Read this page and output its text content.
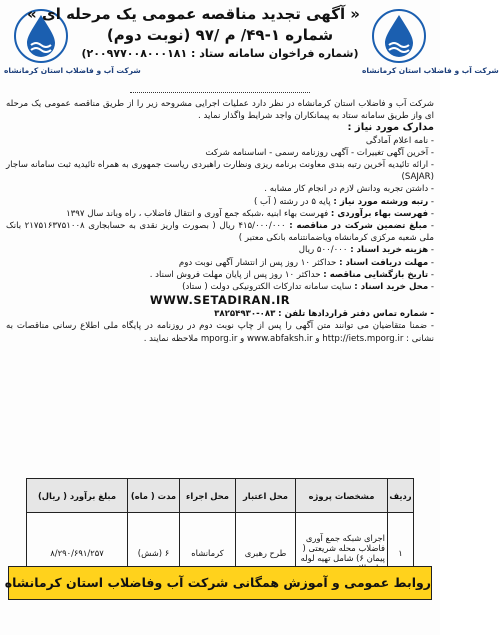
شرکت آب و فاضلاب استان کرمانشاه	شرکت آب و فاضلاب استان کرمانشاه
« آگهی تجدید مناقصه عمومی یک مرحله ای »
شماره ۱-۴۹/ م /۹۷ (نوبت دوم)
(شماره فراخوان سامانه ستاد : ۲۰۰۹۷۷۰۰۸۰۰۰۱۸۱)

شرکت آب و فاضلاب استان کرمانشاه در نظر دارد عملیات اجرایی مشروحه زیر را از طریق مناقصه عمومی یک مرحله ای واز طریق سامانه ستاد به پیمانکاران واجد شرایط واگذار نماید .

مدارک مورد نیاز :

- نامه اعلام آمادگی

- آخرین آگهی تغییرات - آگهی روزنامه رسمی - اساسنامه شرکت

- ارائه تائیدیه آخرین رتبه بندی معاونت برنامه ریزی ونظارت راهبردی ریاست جمهوری به همراه تائیدیه ثبت سامانه ساجار (SAJAR)

- داشتن تجربه ودانش لازم در انجام کار مشابه .

- رتبه ورشته مورد نیاز : پایه ۵ در رشته ( آب )

- فهرست بهاء برآوردی : فهرست بهاء ابنیه ،شبکه جمع آوری و انتقال فاضلاب ، راه وباند سال ۱۳۹۷

- مبلغ تضمین شرکت در مناقصه : ۴۱۵/۰۰۰/۰۰۰ ریال ( بصورت واریز نقدی به حسابجاری ۲۱۷۵۱۶۳۷۵۱۰۰۸ بانک ملی شعبه مرکزی کرمانشاه ویاضمانتنامه بانکی معتبر )

- هزینه خرید اسناد : ۵۰۰/۰۰۰ ریال

- مهلت دریافت اسناد : حداکثر ۱۰ روز پس از انتشار آگهی نوبت دوم

- تاریخ بازگشایی مناقصه : حداکثر ۱۰ روز پس از پایان مهلت فروش اسناد .

- محل خرید اسناد : سایت سامانه تدارکات الکترونیکی دولت ( ستاد)

WWW.SETADIRAN.IR

- شماره تماس دفتر قراردادها تلفن : ۰۸۳-۳۸۲۵۴۹۳۰

- ضمنا متقاضیان می توانند متن آگهی را پس از چاپ نوبت دوم در روزنامه در پایگاه ملی اطلاع رسانی مناقصات به نشانی : http://iets.mporg.ir و www.abfaksh.ir و mporg.ir ملاحظه نمایند .

ردیف	مشخصات پروژه	محل اعتبار	محل اجراء	مدت ( ماه)	مبلغ برآورد ( ریال)
۱	اجرای شبکه جمع آوری فاضلاب محله شریعتی ( پیمان ۶) شامل تهیه لوله	طرح رهبری	کرمانشاه	۶ (شش)	۸/۲۹۰/۶۹۱/۲۵۷
روابط عمومی و آموزش همگانی شرکت آب وفاضلاب استان کرمانشاه
